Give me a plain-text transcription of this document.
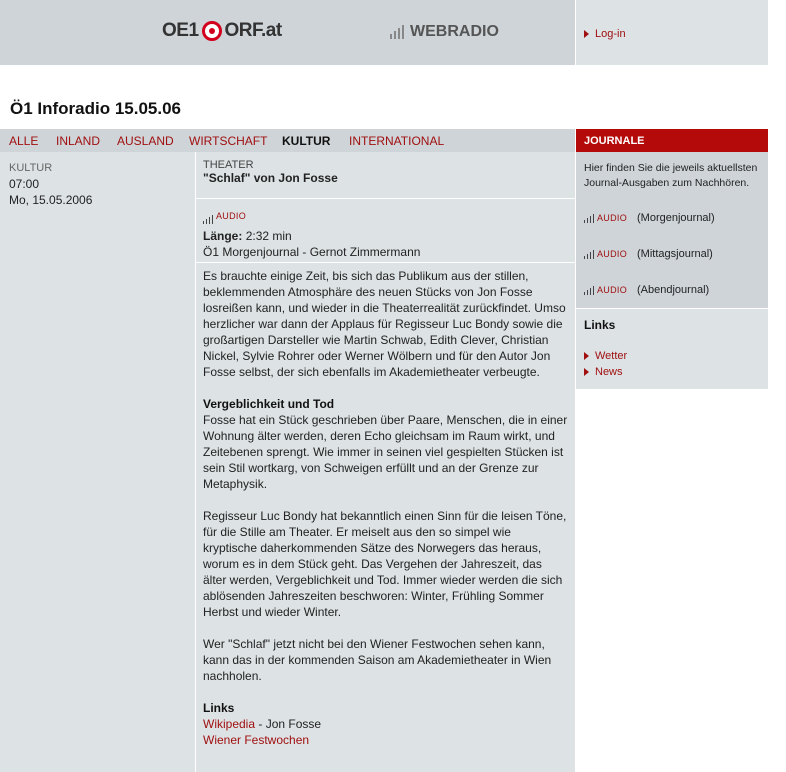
OE1 ORF.at	WEBRADIO	Log-in
Ö1 Inforadio 15.05.06
ALLE INLAND AUSLAND WIRTSCHAFT KULTUR INTERNATIONAL
KULTUR
07:00
Mo, 15.05.2006
THEATER
"Schlaf" von Jon Fosse
AUDIO
Länge: 2:32 min
Ö1 Morgenjournal - Gernot Zimmermann

Es brauchte einige Zeit, bis sich das Publikum aus der stillen, beklemmenden Atmosphäre des neuen Stücks von Jon Fosse losreißen kann, und wieder in die Theaterrealität zurückfindet. Umso herzlicher war dann der Applaus für Regisseur Luc Bondy sowie die großartigen Darsteller wie Martin Schwab, Edith Clever, Christian Nickel, Sylvie Rohrer oder Werner Wölbern und für den Autor Jon Fosse selbst, der sich ebenfalls im Akademietheater verbeugte.

Vergeblichkeit und Tod

Fosse hat ein Stück geschrieben über Paare, Menschen, die in einer Wohnung älter werden, deren Echo gleichsam im Raum wirkt, und Zeitebenen sprengt. Wie immer in seinen viel gespielten Stücken ist sein Stil wortkarg, von Schweigen erfüllt und an der Grenze zur Metaphysik.

Regisseur Luc Bondy hat bekanntlich einen Sinn für die leisen Töne, für die Stille am Theater. Er meiselt aus den so simpel wie kryptische daherkommenden Sätze des Norwegers das heraus, worum es in dem Stück geht. Das Vergehen der Jahreszeit, das älter werden, Vergeblichkeit und Tod. Immer wieder werden die sich ablösenden Jahreszeiten beschworen: Winter, Frühling Sommer Herbst und wieder Winter.

Wer "Schlaf" jetzt nicht bei den Wiener Festwochen sehen kann, kann das in der kommenden Saison am Akademietheater in Wien nachholen.

Links
Wikipedia - Jon Fosse
Wiener Festwochen
JOURNALE
Hier finden Sie die jeweils aktuellsten Journal-Ausgaben zum Nachhören.
AUDIO (Morgenjournal)
AUDIO (Mittagsjournal)
AUDIO (Abendjournal)
Links
Wetter
News
